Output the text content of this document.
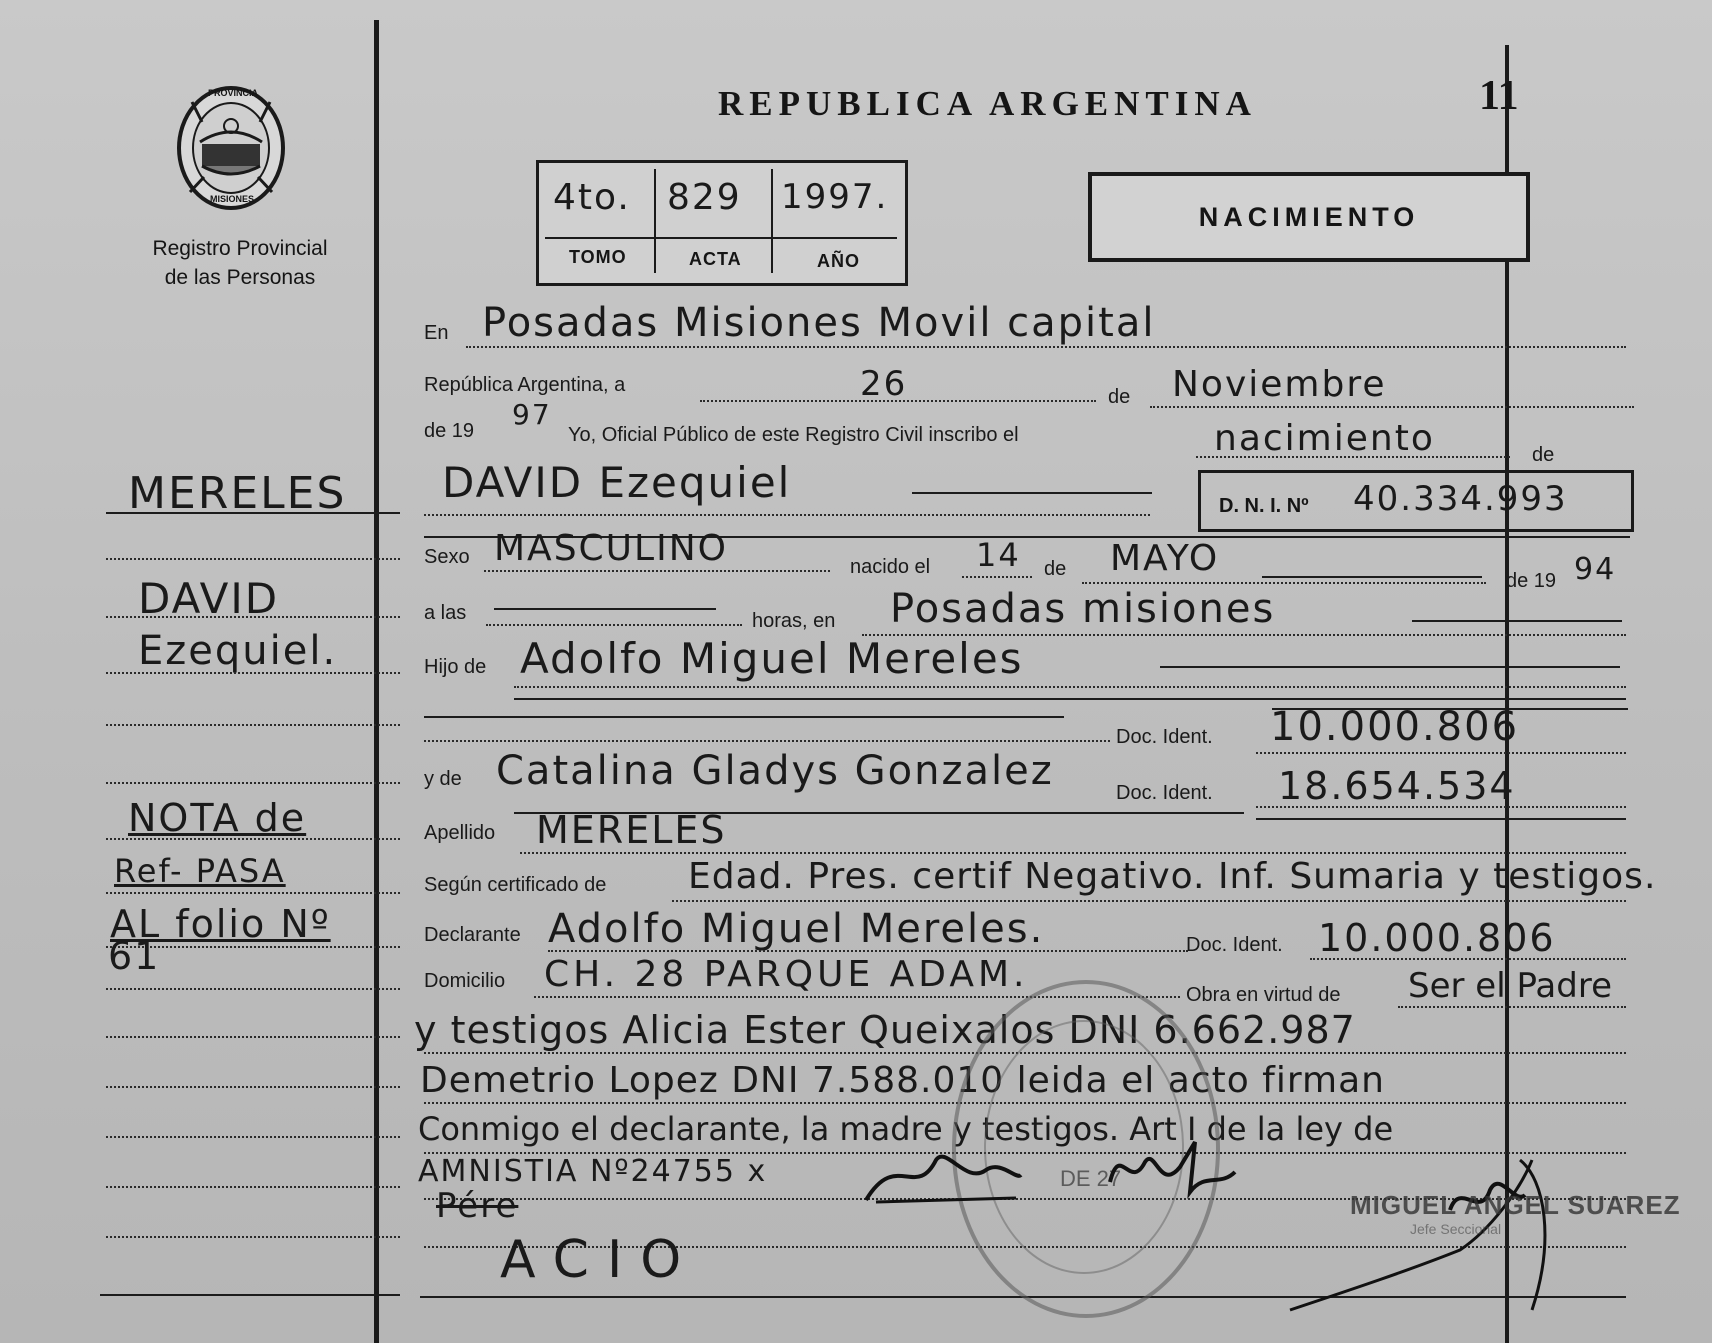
PROVINCIA
MISIONES
Registro Provincial
de las Personas
REPUBLICA ARGENTINA	11
4to. 829 1997.
TOMO	ACTA	AÑO
NACIMIENTO
MERELES
DAVID
Ezequiel.
NOTA de
Ref- PASA
AL folio Nº
61
En Posadas Misiones Movil capital
República Argentina, a	26	de Noviembre
de 19 97
Yo, Oficial Público de este Registro Civil inscribo el	nacimiento	de
DAVID Ezequiel	D. N. I. Nº 40.334.993
Sexo MASCULINO	nacido el 14 de MAYO
de 19 94
a las	horas, en Posadas misiones
Hijo de Adolfo Miguel Mereles
Doc. Ident. 10.000.806
y de Catalina Gladys Gonzalez	Doc. Ident. 18.654.534
Apellido MERELES
Según certificado de Edad. Pres. certif Negativo. Inf. Sumaria y testigos.
Declarante Adolfo Miguel Mereles.	Doc. Ident. 10.000.806
Domicilio CH. 28 PARQUE ADAM.	Obra en virtud de Ser el Padre
y testigos Alicia Ester Queixalos DNI 6.662.987
Demetrio Lopez DNI 7.588.010 leida el acto firman
Conmigo el declarante, la madre y testigos. Art I de la ley de
AMNISTIA Nº24755 x
Pére
ACIO
DE 27
MIGUEL ANGEL SUAREZ
Jefe Seccional
